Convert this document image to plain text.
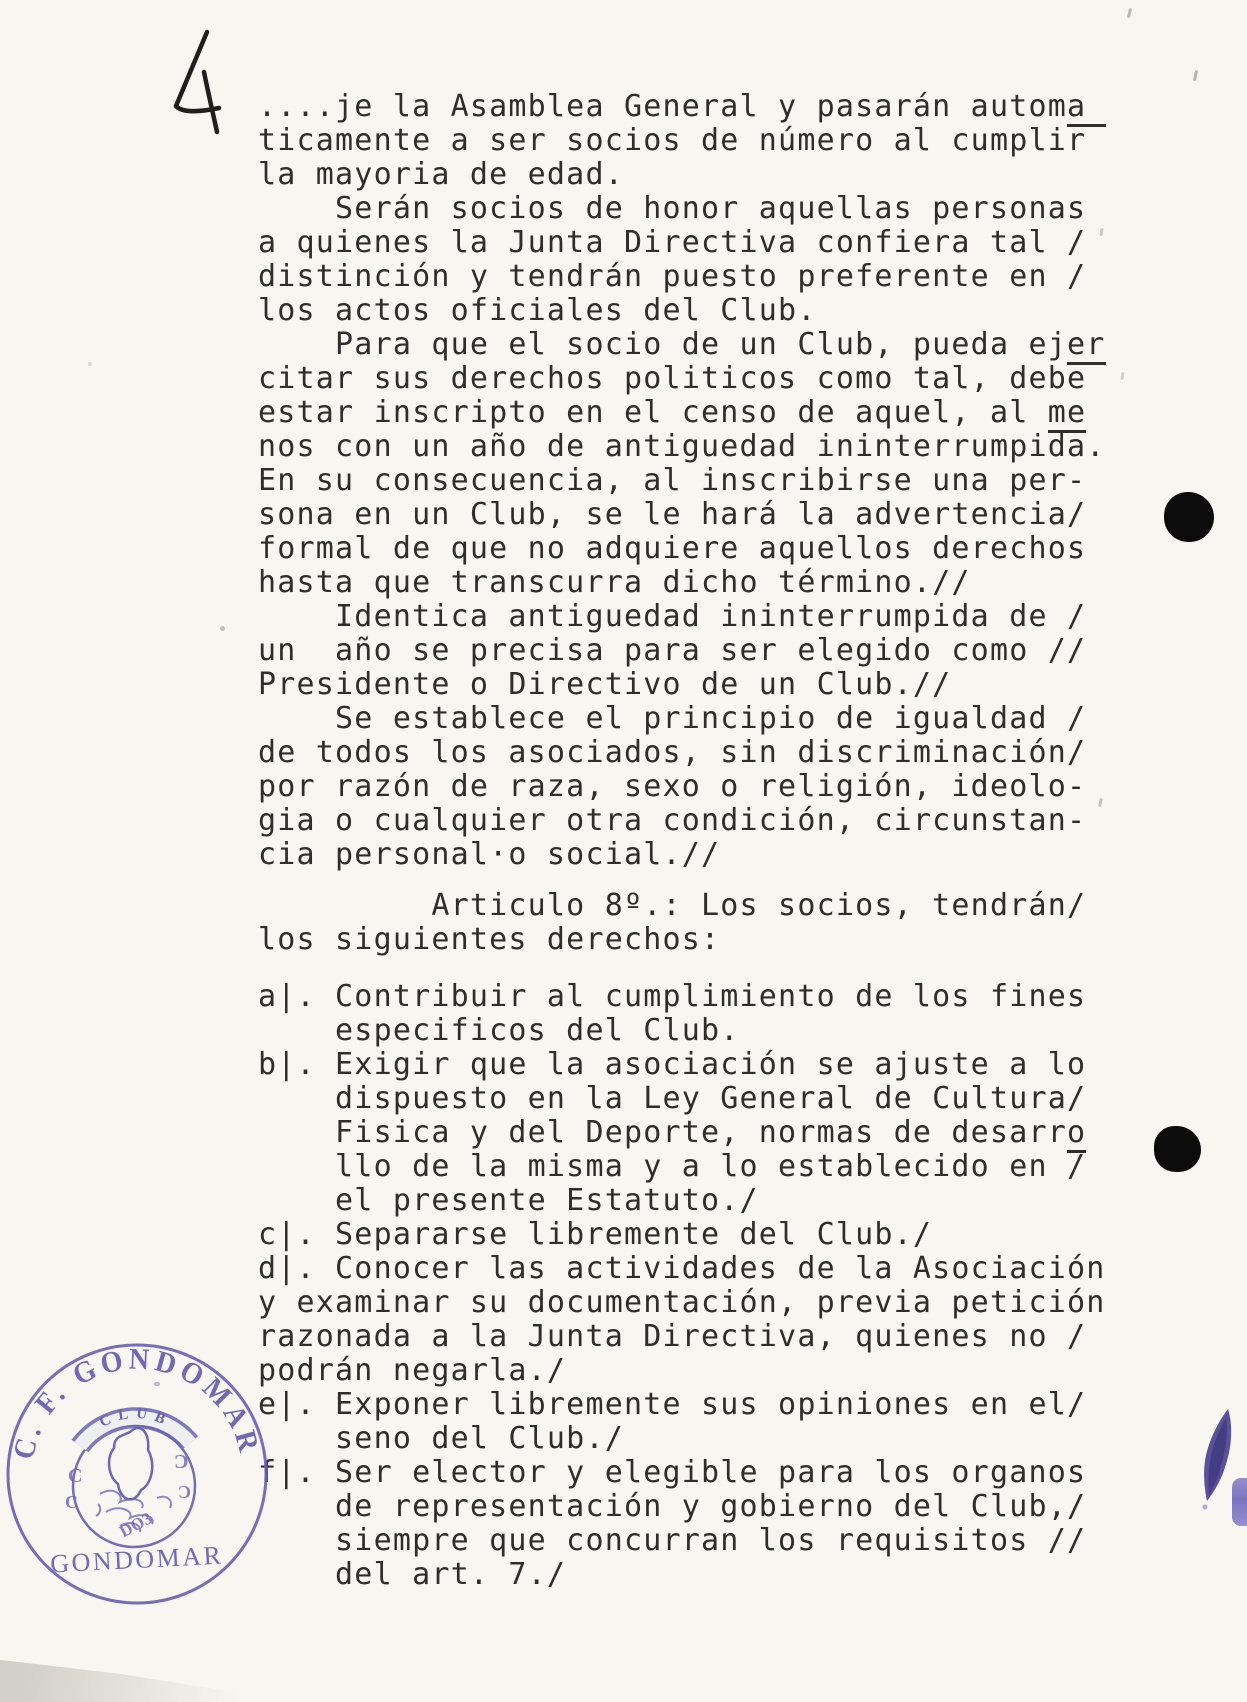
....je la Asamblea General y pasarán automa
ticamente a ser socios de número al cumplir
la mayoria de edad.
Serán socios de honor aquellas personas
a quienes la Junta Directiva confiera tal /
distinción y tendrán puesto preferente en /
los actos oficiales del Club.
Para que el socio de un Club, pueda ejer
citar sus derechos politicos como tal, debe
estar inscripto en el censo de aquel, al me
nos con un año de antiguedad ininterrumpida.
En su consecuencia, al inscribirse una per-
sona en un Club, se le hará la advertencia/
formal de que no adquiere aquellos derechos
hasta que transcurra dicho término.//
Identica antiguedad ininterrumpida de /
un  año se precisa para ser elegido como //
Presidente o Directivo de un Club.//
Se establece el principio de igualdad /
de todos los asociados, sin discriminación/
por razón de raza, sexo o religión, ideolo-
gia o cualquier otra condición, circunstan-
cia personal·o social.//
Articulo 8º.: Los socios, tendrán/
los siguientes derechos:
a|. Contribuir al cumplimiento de los fines
especificos del Club.
b|. Exigir que la asociación se ajuste a lo
dispuesto en la Ley General de Cultura/
Fisica y del Deporte, normas de desarro
llo de la misma y a lo establecido en /
el presente Estatuto./
c|. Separarse libremente del Club./
d|. Conocer las actividades de la Asociación
y examinar su documentación, previa petición
razonada a la Junta Directiva, quienes no /
podrán negarla./
e|. Exponer libremente sus opiniones en el/
seno del Club./
f|. Ser elector y elegible para los organos
de representación y gobierno del Club,/
siempre que concurran los requisitos //
del art. 7./
CLUB
C
C
Ɔ
Ɔ
DO3
C. F. GONDOMAR
GONDOMAR
